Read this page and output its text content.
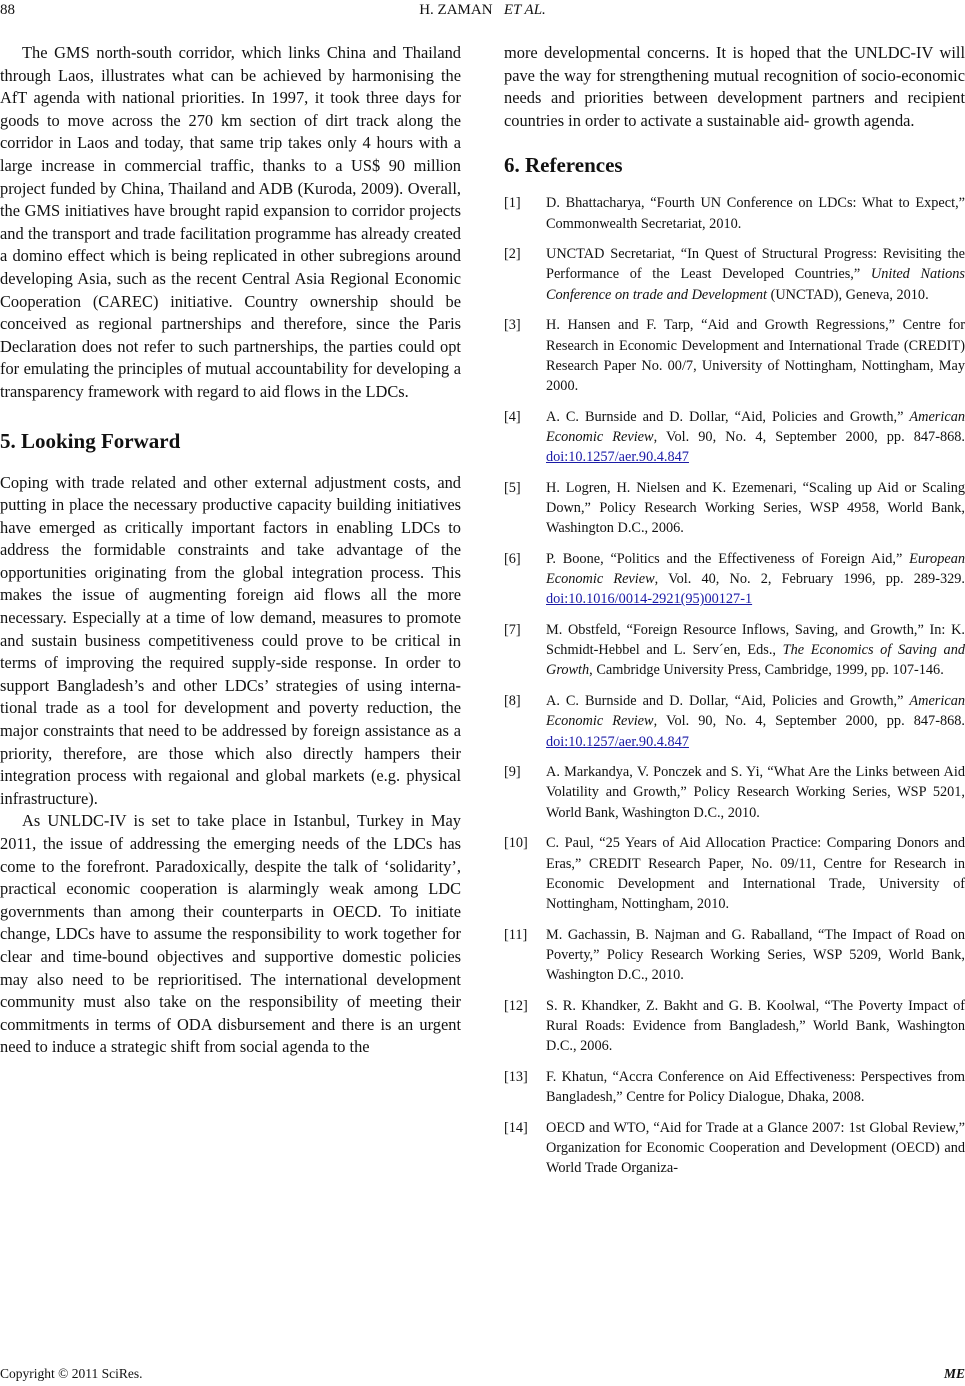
88	H. ZAMAN ET AL.

The GMS north-south corridor, which links China and Thailand through Laos, illustrates what can be achieved by harmonising the AfT agenda with national priorities. In 1997, it took three days for goods to move across the 270 km section of dirt track along the corridor in Laos and today, that same trip takes only 4 hours with a large increase in commercial traffic, thanks to a US$ 90 million project funded by China, Thailand and ADB (Kuroda, 2009). Overall, the GMS initiatives have brought rapid expansion to corridor projects and the transport and trade facilitation programme has already created a domino effect which is being replicated in other subregions around developing Asia, such as the recent Central Asia Regional Economic Cooperation (CAREC) initiative. Country ownership should be conceived as regional partnerships and therefore, since the Paris Declaration does not refer to such partnerships, the parties could opt for emulating the principles of mutual accountability for developing a transparency framework with regard to aid flows in the LDCs.

5. Looking Forward

Coping with trade related and other external adjustment costs, and putting in place the necessary productive capacity building initiatives have emerged as critically important factors in enabling LDCs to address the formidable constraints and take advantage of the opportunities originating from the global integration process. This makes the issue of augmenting foreign aid flows all the more necessary. Especially at a time of low demand, measures to promote and sustain business competitiveness could prove to be critical in terms of improving the required supply-side response. In order to support Bangladesh’s and other LDCs’ strategies of using international trade as a tool for development and poverty reduction, the major constraints that need to be addressed by foreign assistance as a priority, therefore, are those which also directly hampers their integration process with regaional and global markets (e.g. physical infrastructure).

As UNLDC-IV is set to take place in Istanbul, Turkey in May 2011, the issue of addressing the emerging needs of the LDCs has come to the forefront. Paradoxically, despite the talk of ‘solidarity’, practical economic cooperation is alarmingly weak among LDC governments than among their counterparts in OECD. To initiate change, LDCs have to assume the responsibility to work together for clear and time-bound objectives and supportive domestic policies may also need to be reprioritised. The international development community must also take on the responsibility of meeting their commitments in terms of ODA disbursement and there is an urgent need to induce a strategic shift from social agenda to the

more developmental concerns. It is hoped that the UNLDC-IV will pave the way for strengthening mutual recognition of socio-economic needs and priorities between development partners and recipient countries in order to activate a sustainable aid- growth agenda.

6. References
[1] D. Bhattacharya, “Fourth UN Conference on LDCs: What to Expect,” Commonwealth Secretariat, 2010.
[2] UNCTAD Secretariat, “In Quest of Structural Progress: Revisiting the Performance of the Least Developed Countries,” United Nations Conference on trade and Development (UNCTAD), Geneva, 2010.
[3] H. Hansen and F. Tarp, “Aid and Growth Regressions,” Centre for Research in Economic Development and International Trade (CREDIT) Research Paper No. 00/7, University of Nottingham, Nottingham, May 2000.
[4] A. C. Burnside and D. Dollar, “Aid, Policies and Growth,” American Economic Review, Vol. 90, No. 4, September 2000, pp. 847-868. doi:10.1257/aer.90.4.847
[5] H. Logren, H. Nielsen and K. Ezemenari, “Scaling up Aid or Scaling Down,” Policy Research Working Series, WSP 4958, World Bank, Washington D.C., 2006.
[6] P. Boone, “Politics and the Effectiveness of Foreign Aid,” European Economic Review, Vol. 40, No. 2, February 1996, pp. 289-329. doi:10.1016/0014-2921(95)00127-1
[7] M. Obstfeld, “Foreign Resource Inflows, Saving, and Growth,” In: K. Schmidt-Hebbel and L. Serv´en, Eds., The Economics of Saving and Growth, Cambridge University Press, Cambridge, 1999, pp. 107-146.
[8] A. C. Burnside and D. Dollar, “Aid, Policies and Growth,” American Economic Review, Vol. 90, No. 4, September 2000, pp. 847-868. doi:10.1257/aer.90.4.847
[9] A. Markandya, V. Ponczek and S. Yi, “What Are the Links between Aid Volatility and Growth,” Policy Research Working Series, WSP 5201, World Bank, Washington D.C., 2010.
[10] C. Paul, “25 Years of Aid Allocation Practice: Comparing Donors and Eras,” CREDIT Research Paper, No. 09/11, Centre for Research in Economic Development and International Trade, University of Nottingham, Nottingham, 2010.
[11] M. Gachassin, B. Najman and G. Raballand, “The Impact of Road on Poverty,” Policy Research Working Series, WSP 5209, World Bank, Washington D.C., 2010.
[12] S. R. Khandker, Z. Bakht and G. B. Koolwal, “The Poverty Impact of Rural Roads: Evidence from Bangladesh,” World Bank, Washington D.C., 2006.
[13] F. Khatun, “Accra Conference on Aid Effectiveness: Perspectives from Bangladesh,” Centre for Policy Dialogue, Dhaka, 2008.
[14] OECD and WTO, “Aid for Trade at a Glance 2007: 1st Global Review,” Organization for Economic Cooperation and Development (OECD) and World Trade Organiza-
Copyright © 2011 SciRes.	ME
